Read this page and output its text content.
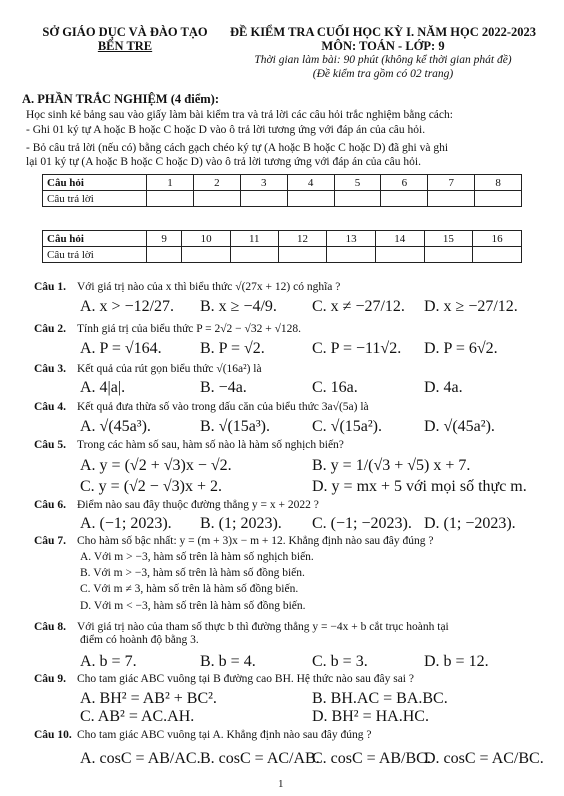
SỞ GIÁO DỤC VÀ ĐÀO TẠO
BẾN TRE
ĐỀ KIỂM TRA CUỐI HỌC KỲ I. NĂM HỌC 2022-2023
MÔN: TOÁN - LỚP: 9
Thời gian làm bài: 90 phút (không kể thời gian phát đề)
(Đề kiểm tra gồm có 02 trang)
A. PHẦN TRẮC NGHIỆM (4 điểm):
Học sinh kẻ bảng sau vào giấy làm bài kiểm tra và trả lời các câu hỏi trắc nghiệm bằng cách:
- Ghi 01 ký tự A hoặc B hoặc C hoặc D vào ô trả lời tương ứng với đáp án của câu hỏi.
- Bỏ câu trả lời (nếu có) bằng cách gạch chéo ký tự (A hoặc B hoặc C hoặc D) đã ghi và ghi
lại 01 ký tự (A hoặc B hoặc C hoặc D) vào ô trả lời tương ứng với đáp án của câu hỏi.
Câu hỏi	1	2	3	4	5	6	7	8
Câu trả lời								
Câu hỏi	9	10	11	12	13	14	15	16
Câu trả lời								
Câu 1. Với giá trị nào của x thì biểu thức √(27x + 12) có nghĩa ?
A. x > −12/27. B. x ≥ −4/9. C. x ≠ −27/12. D. x ≥ −27/12.
Câu 2. Tính giá trị của biểu thức P = 2√2 − √32 + √128.
A. P = √164. B. P = √2.	C. P = −11√2. D. P = 6√2.
Câu 3. Kết quả của rút gọn biểu thức √(16a²) là
A. 4|a|.	B. −4a.	C. 16a.	D. 4a.
Câu 4. Kết quả đưa thừa số vào trong dấu căn của biểu thức 3a√(5a) là
A. √(45a³).	B. √(15a³).	C. √(15a²).	D. √(45a²).
Câu 5. Trong các hàm số sau, hàm số nào là hàm số nghịch biến?
A. y = (√2 + √3)x − √2.	B. y = 1/(√3 + √5) x + 7.
C. y = (√2 − √3)x + 2.	D. y = mx + 5 với mọi số thực m.
Câu 6. Điểm nào sau đây thuộc đường thẳng y = x + 2022 ?
A. (−1; 2023). B. (1; 2023). C. (−1; −2023). D. (1; −2023).
Câu 7. Cho hàm số bậc nhất: y = (m + 3)x − m + 12. Khẳng định nào sau đây đúng ?
A. Với m > −3, hàm số trên là hàm số nghịch biến.
B. Với m > −3, hàm số trên là hàm số đồng biến.
C. Với m ≠ 3, hàm số trên là hàm số đồng biến.
D. Với m < −3, hàm số trên là hàm số đồng biến.
Câu 8. Với giá trị nào của tham số thực b thì đường thẳng y = −4x + b cắt trục hoành tại
điểm có hoành độ bằng 3.
A. b = 7.	B. b = 4.	C. b = 3.	D. b = 12.
Câu 9. Cho tam giác ABC vuông tại B đường cao BH. Hệ thức nào sau đây sai ?
A. BH² = AB² + BC².	B. BH.AC = BA.BC.
C. AB² = AC.AH.	D. BH² = HA.HC.
Câu 10. Cho tam giác ABC vuông tại A. Khẳng định nào sau đây đúng ?
A. cosC = AB/AC. B. cosC = AC/AB.
C. cosC = AB/BC.
D. cosC = AC/BC.
1
